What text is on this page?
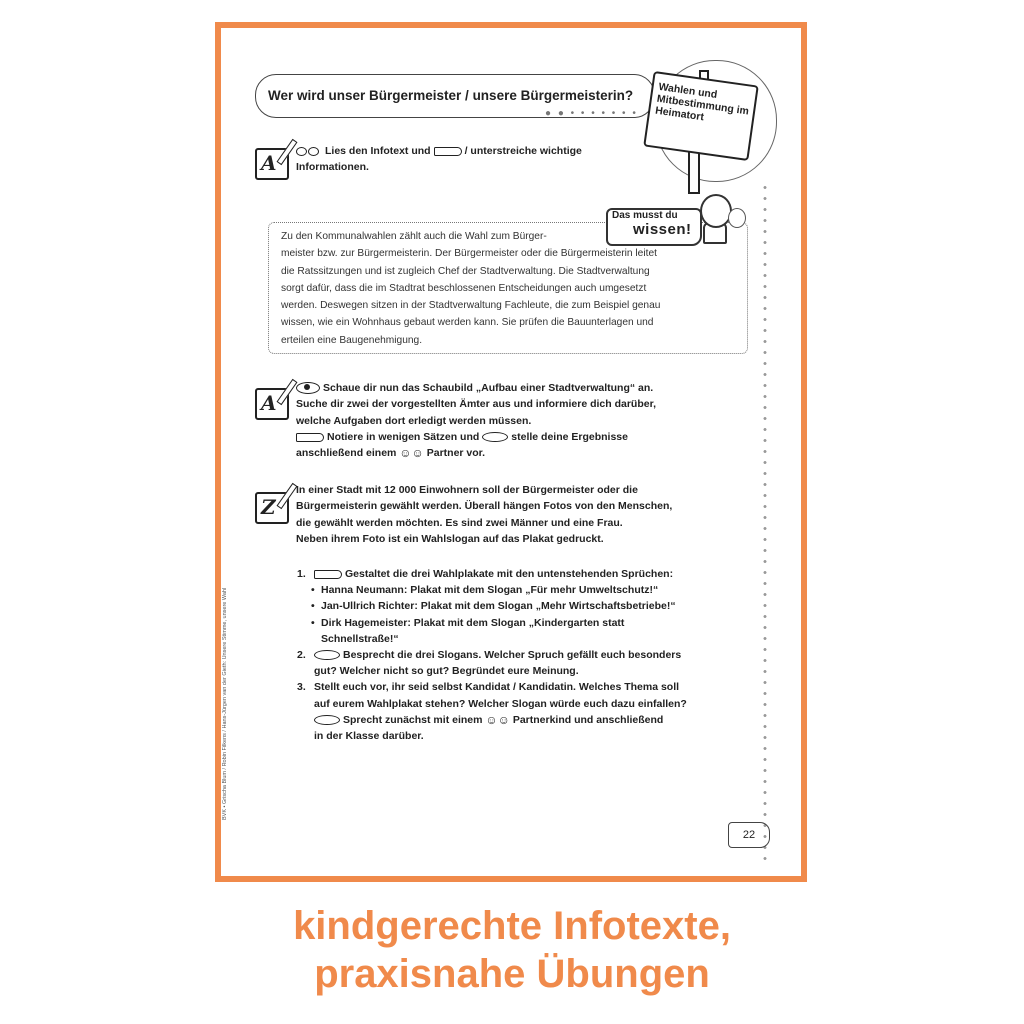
BVK • Grischa Blum / Robin Filkens / Hans-Jürgen van der Gieth: Unsere Stimme, unsere Wahl
Wer wird unser Bürgermeister / unsere Bürgermeisterin?
● ● • • • • • • •
Wahlen und Mitbestimmung im Heimatort
A	Lies den Infotext und	/ unterstreiche wichtige
Informationen.
Das musst du
wissen!

Zu den Kommunalwahlen zählt auch die Wahl zum Bürger-

meister bzw. zur Bürgermeisterin. Der Bürgermeister oder die Bürgermeisterin leitet

die Ratssitzungen und ist zugleich Chef der Stadtverwaltung. Die Stadtverwaltung

sorgt dafür, dass die im Stadtrat beschlossenen Entscheidungen auch umgesetzt

werden. Deswegen sitzen in der Stadtverwaltung Fachleute, die zum Beispiel genau

wissen, wie ein Wohnhaus gebaut werden kann. Sie prüfen die Bauunterlagen und

erteilen eine Baugenehmigung.

A
Schaue dir nun das Schaubild „Aufbau einer Stadtverwaltung“ an.
Suche dir zwei der vorgestellten Ämter aus und informiere dich darüber,
welche Aufgaben dort erledigt werden müssen.
Notiere in wenigen Sätzen und	stelle deine Ergebnisse
anschließend einem ☺☺ Partner vor.
Z
In einer Stadt mit 12 000 Einwohnern soll der Bürgermeister oder die
Bürgermeisterin gewählt werden. Überall hängen Fotos von den Menschen,
die gewählt werden möchten. Es sind zwei Männer und eine Frau.
Neben ihrem Foto ist ein Wahlslogan auf das Plakat gedruckt.
1.	Gestaltet die drei Wahlplakate mit den untenstehenden Sprüchen:
• Hanna Neumann: Plakat mit dem Slogan „Für mehr Umweltschutz!“
• Jan-Ullrich Richter: Plakat mit dem Slogan „Mehr Wirtschaftsbetriebe!“
• Dirk Hagemeister: Plakat mit dem Slogan „Kindergarten statt
Schnellstraße!“
2.	Besprecht die drei Slogans. Welcher Spruch gefällt euch besonders
gut? Welcher nicht so gut? Begründet eure Meinung.
3. Stellt euch vor, ihr seid selbst Kandidat / Kandidatin. Welches Thema soll
auf eurem Wahlplakat stehen? Welcher Slogan würde euch dazu einfallen?
Sprecht zunächst mit einem ☺☺ Partnerkind und anschließend
in der Klasse darüber.
22
kindgerechte Infotexte,
praxisnahe Übungen
